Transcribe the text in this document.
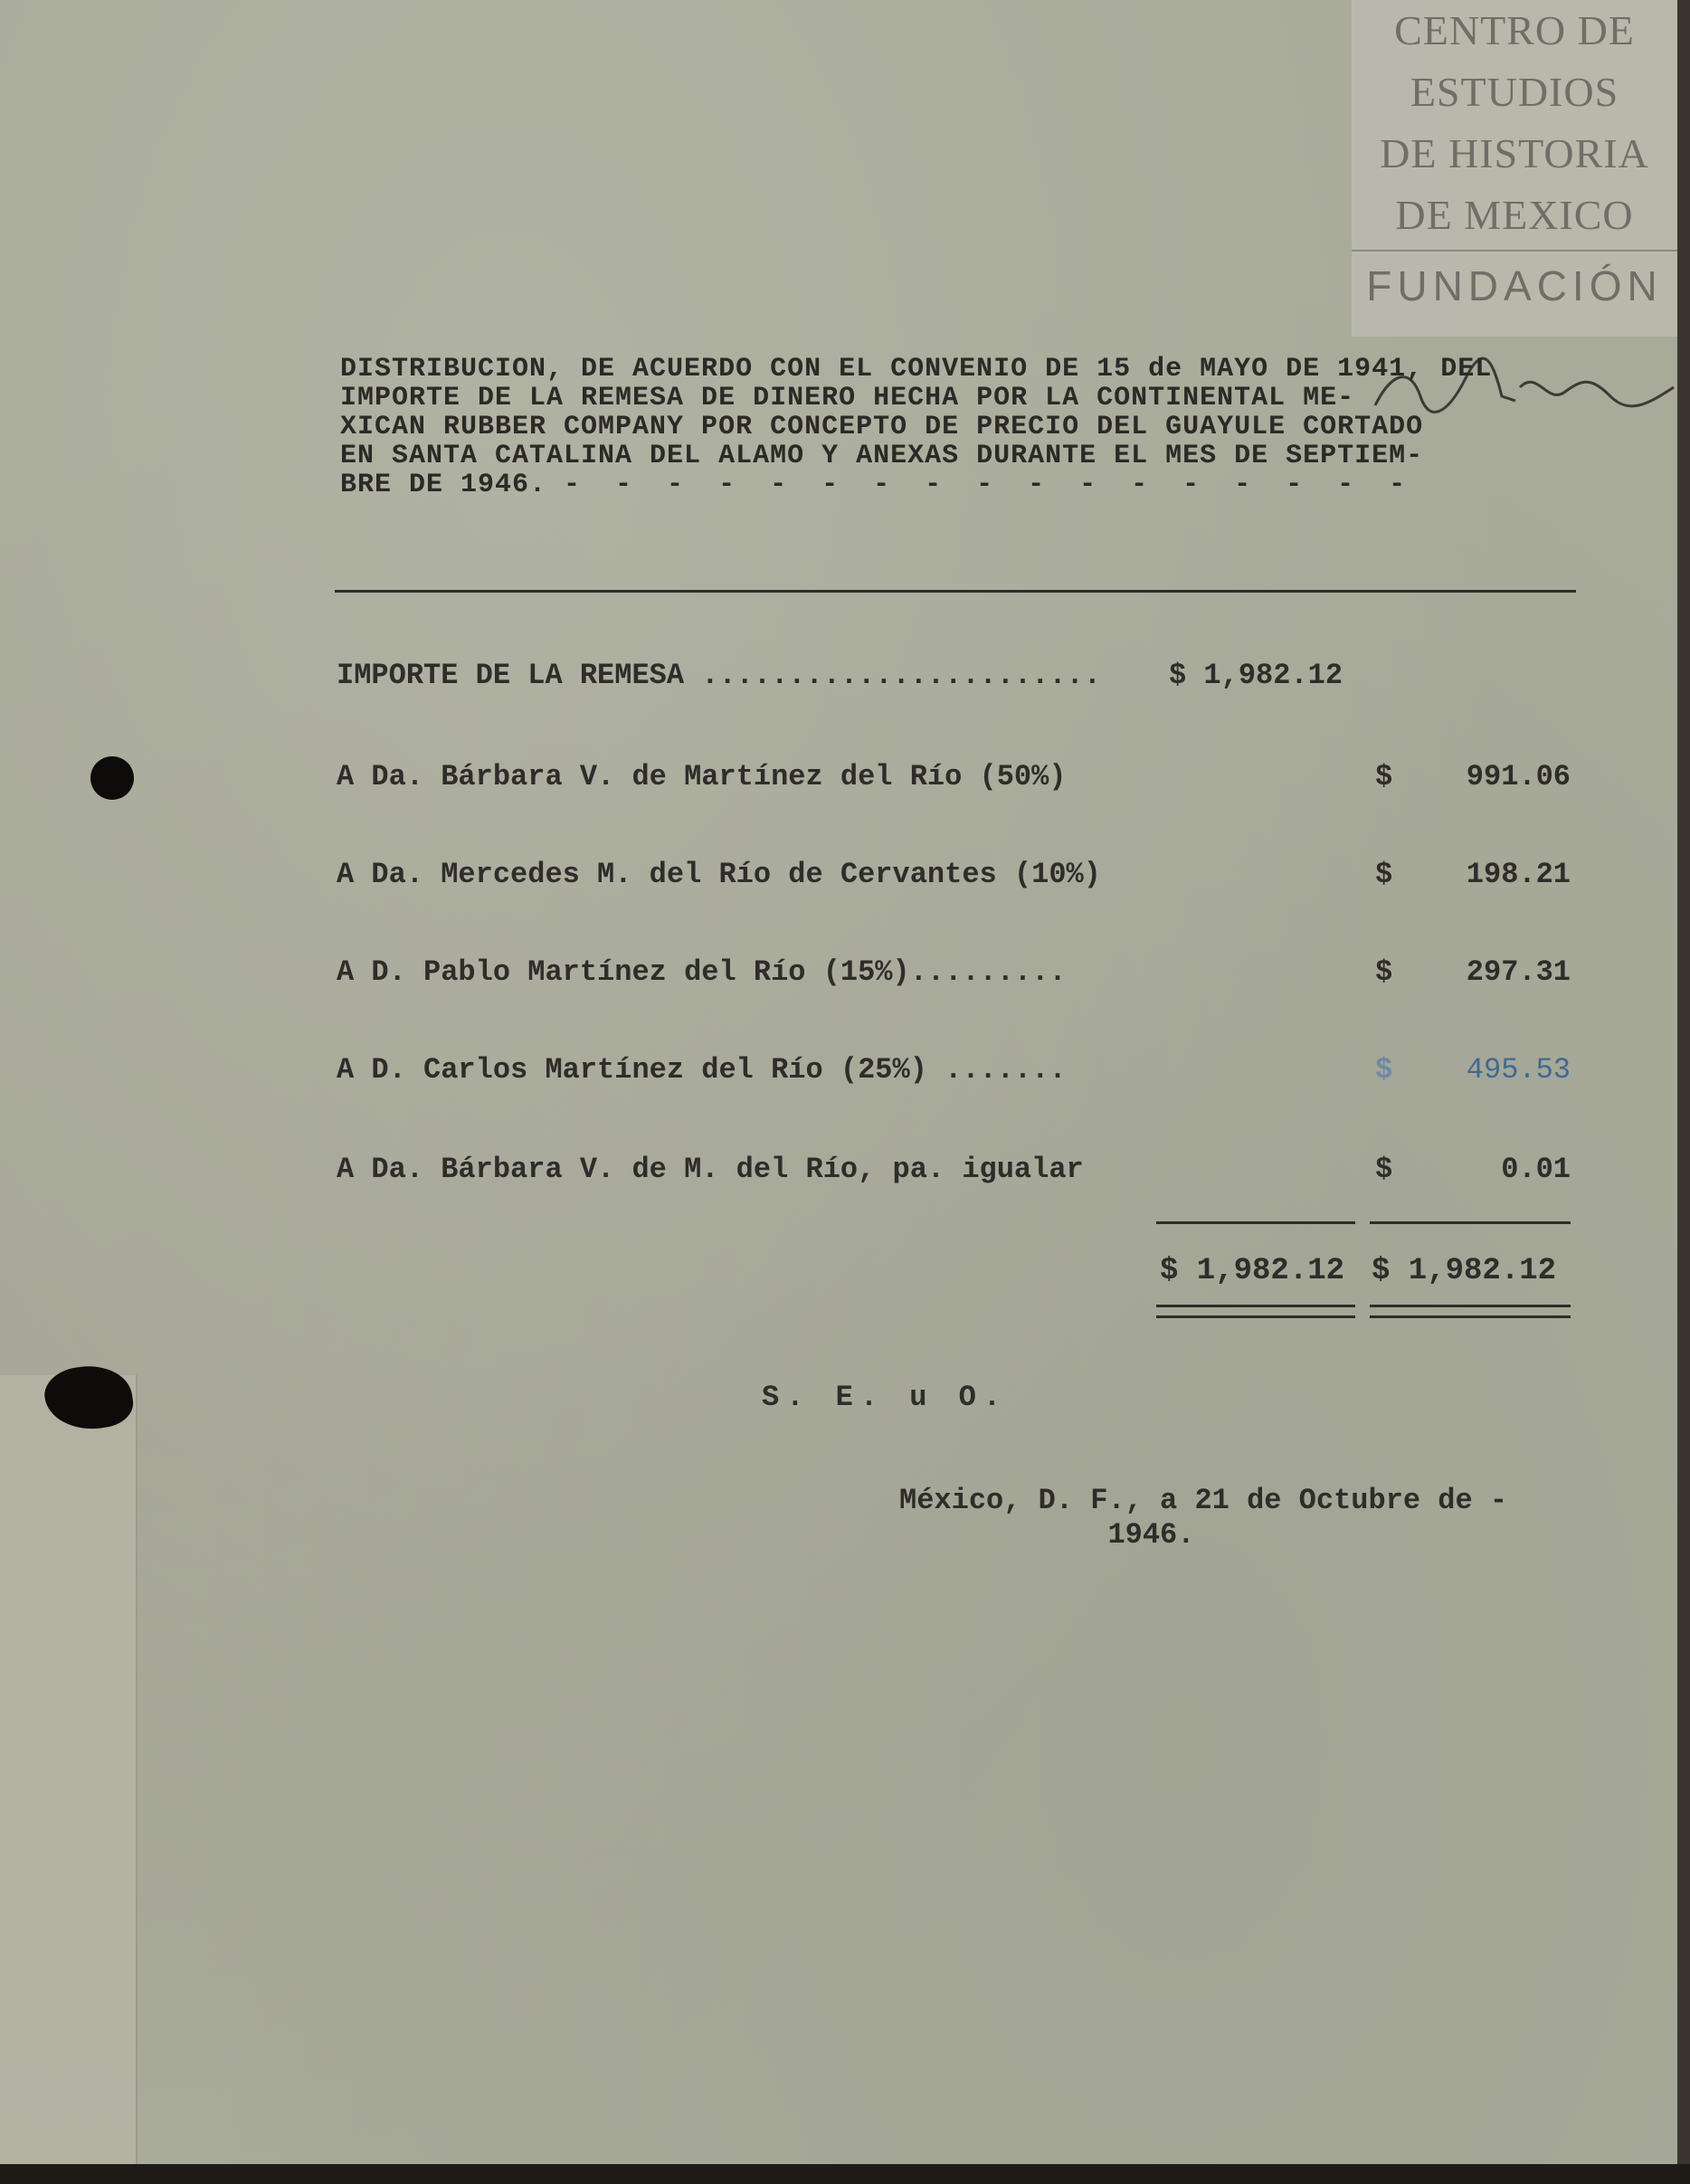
CENTRO DE
ESTUDIOS
DE HISTORIA
DE MEXICO
FUNDACIÓN
DISTRIBUCION, DE ACUERDO CON EL CONVENIO DE 15 de MAYO DE 1941, DEL IMPORTE DE LA REMESA DE DINERO HECHA POR LA CONTINENTAL ME-
XICAN RUBBER COMPANY POR CONCEPTO DE PRECIO DEL GUAYULE CORTADO
EN SANTA CATALINA DEL ALAMO Y ANEXAS DURANTE EL MES DE SEPTIEM-
BRE DE 1946. -  -  -  -  -  -  -  -  -  -  -  -  -  -  -  -  -
IMPORTE DE LA REMESA ....................... $ 1,982.12
A Da. Bárbara V. de Martínez del Río (50%)	$	991.06
A Da. Mercedes M. del Río de Cervantes (10%)	$	198.21
A D. Pablo Martínez del Río (15%).........	$	297.31
A D. Carlos Martínez del Río (25%) .......	$	495.53
A Da. Bárbara V. de M. del Río, pa. igualar	$	0.01
$ 1,982.12 $ 1,982.12
S. E. u O.
México, D. F., a 21 de Octubre de -
1946.
